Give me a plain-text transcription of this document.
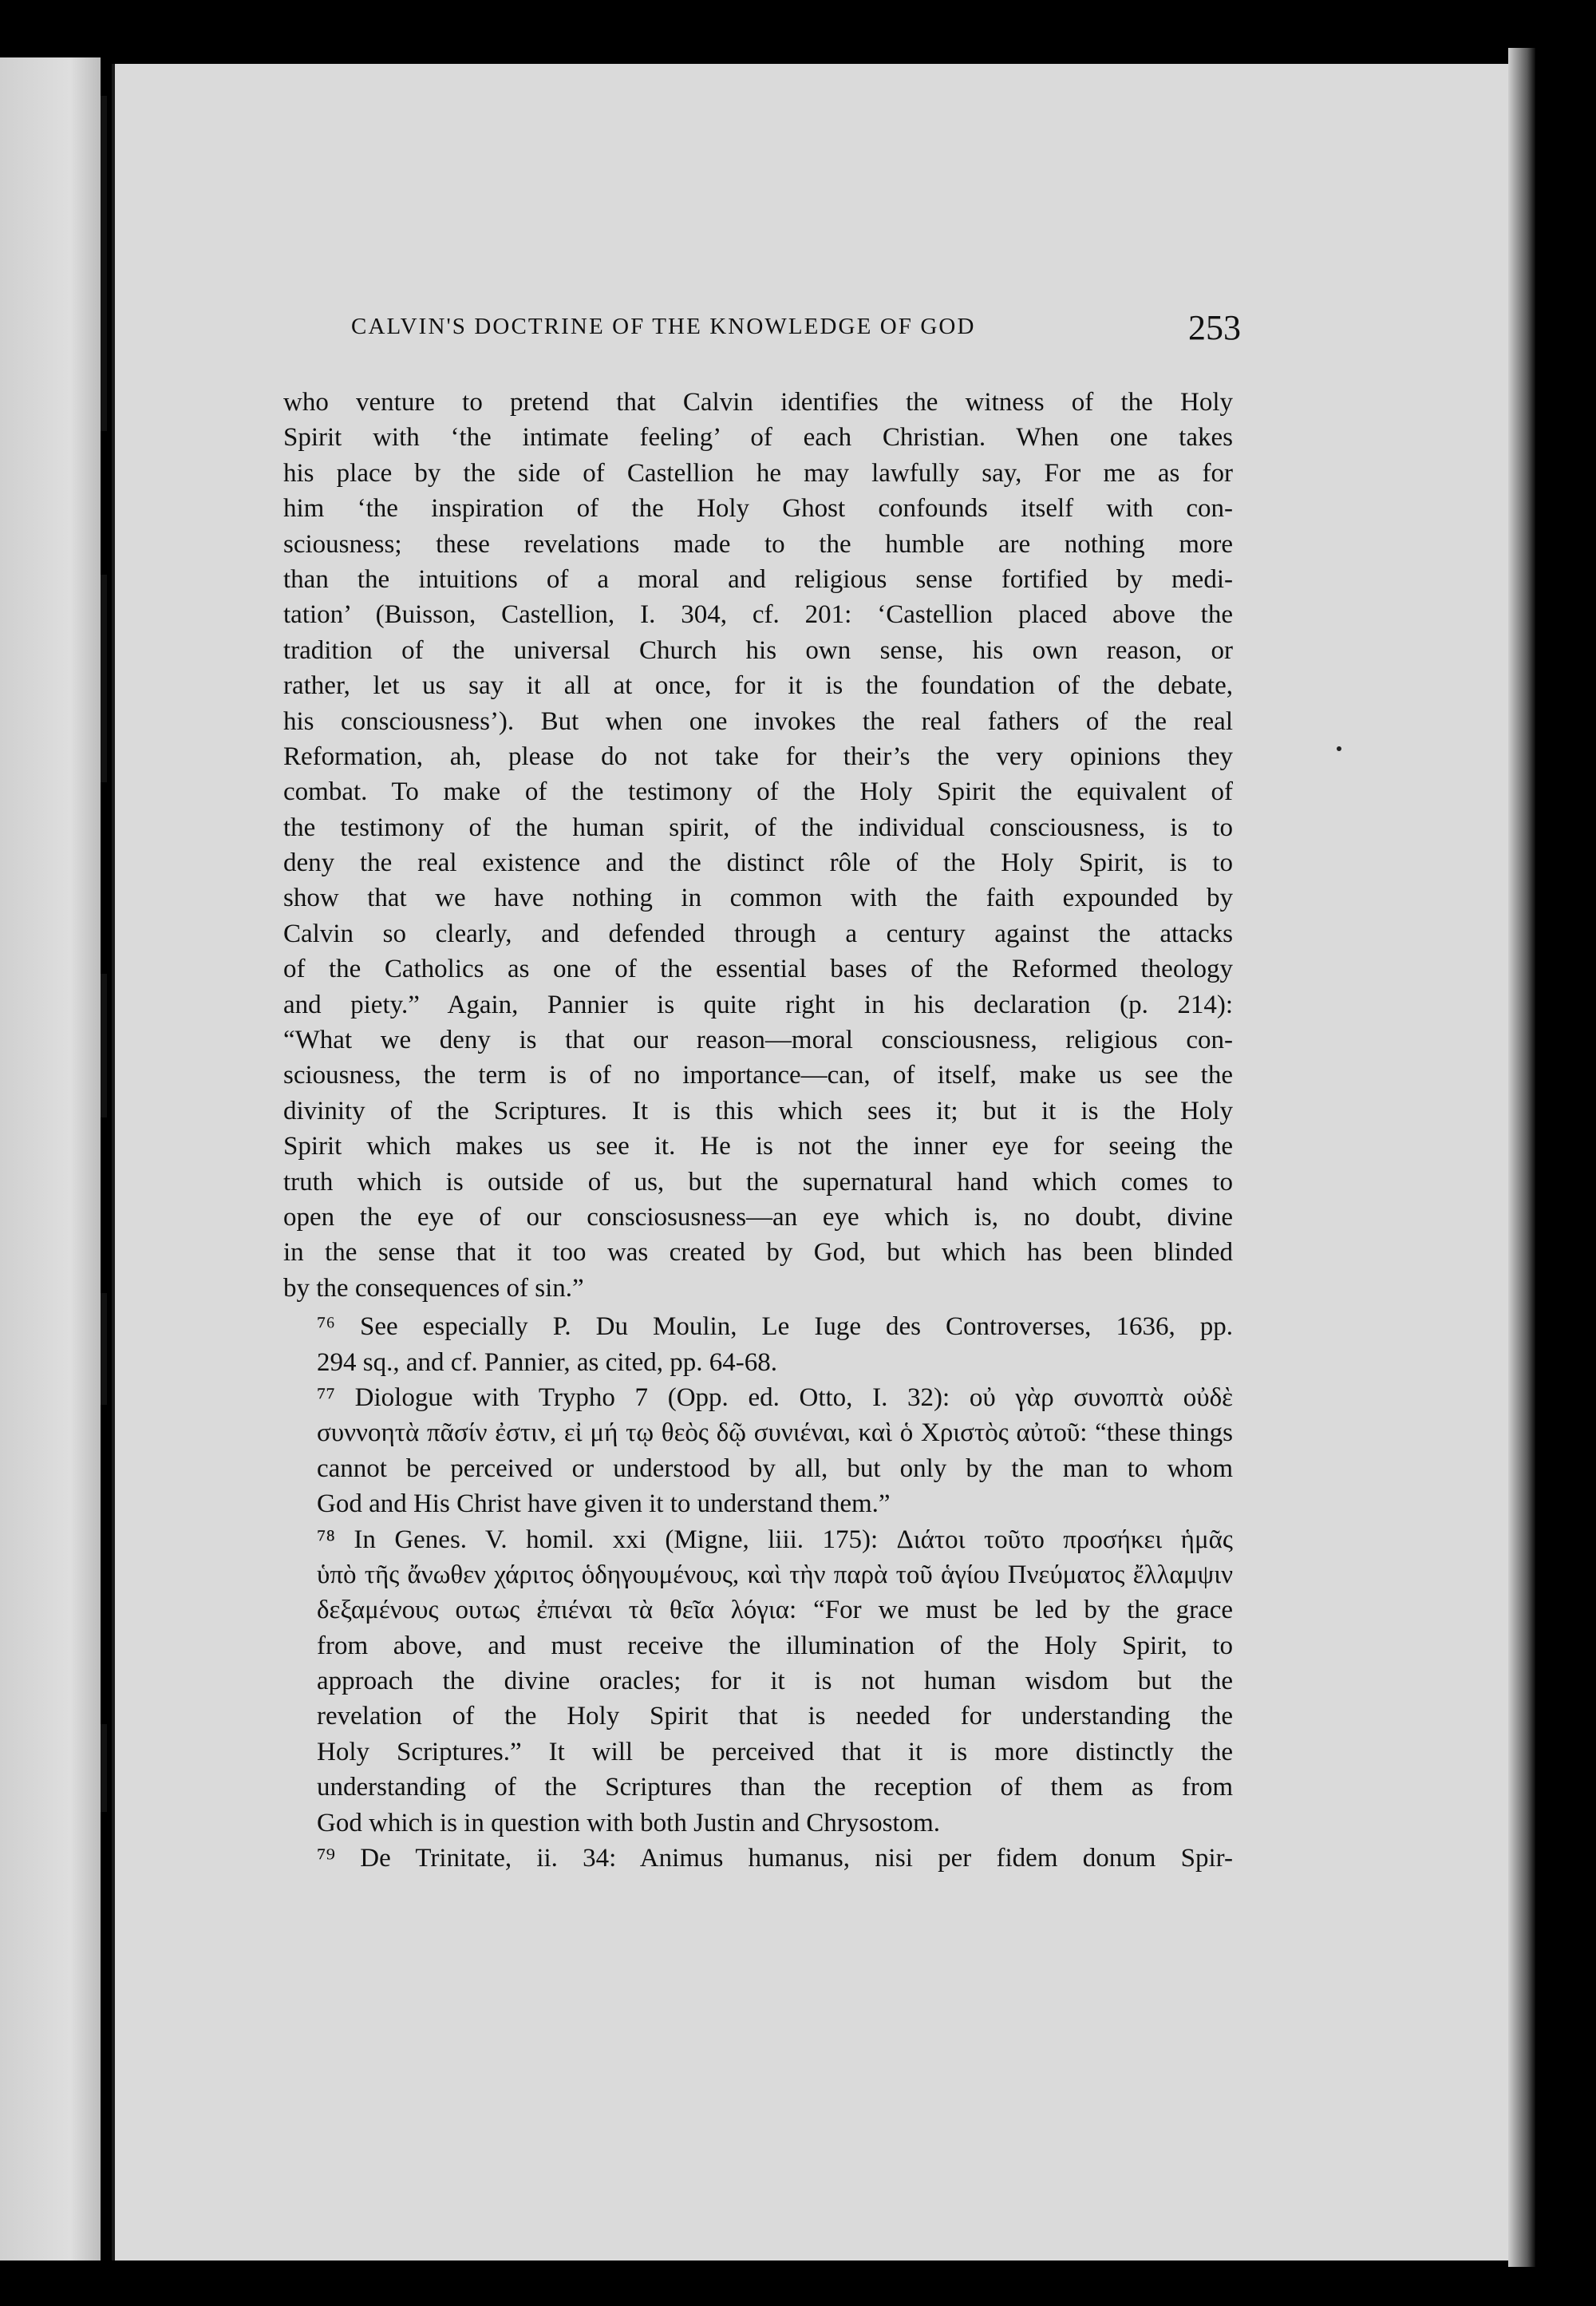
CALVIN'S DOCTRINE OF THE KNOWLEDGE OF GOD	253
who venture to pretend that Calvin identifies the witness of the Holy
Spirit with ‘the intimate feeling’ of each Christian. When one takes
his place by the side of Castellion he may lawfully say, For me as for
him ‘the inspiration of the Holy Ghost confounds itself with con-
sciousness; these revelations made to the humble are nothing more
than the intuitions of a moral and religious sense fortified by medi-
tation’ (Buisson, Castellion, I. 304, cf. 201: ‘Castellion placed above the
tradition of the universal Church his own sense, his own reason, or
rather, let us say it all at once, for it is the foundation of the debate,
his consciousness’). But when one invokes the real fathers of the real
Reformation, ah, please do not take for their’s the very opinions they
combat. To make of the testimony of the Holy Spirit the equivalent of
the testimony of the human spirit, of the individual consciousness, is to
deny the real existence and the distinct rôle of the Holy Spirit, is to
show that we have nothing in common with the faith expounded by
Calvin so clearly, and defended through a century against the attacks
of the Catholics as one of the essential bases of the Reformed theology
and piety.” Again, Pannier is quite right in his declaration (p. 214):
“What we deny is that our reason—moral consciousness, religious con-
sciousness, the term is of no importance—can, of itself, make us see the
divinity of the Scriptures. It is this which sees it; but it is the Holy
Spirit which makes us see it. He is not the inner eye for seeing the
truth which is outside of us, but the supernatural hand which comes to
open the eye of our consciosusness—an eye which is, no doubt, divine
in the sense that it too was created by God, but which has been blinded
by the consequences of sin.”
⁷⁶ See especially P. Du Moulin, Le Iuge des Controverses, 1636, pp.
294 sq., and cf. Pannier, as cited, pp. 64-68.
⁷⁷ Diologue with Trypho 7 (Opp. ed. Otto, I. 32): οὐ γὰρ συνοπτὰ οὐδὲ
συννοητὰ πᾶσίν ἐστιν, εἰ μή τῳ θεὸς δῷ συνιέναι, καὶ ὁ Χριστὸς αὐτοῦ: “these things
cannot be perceived or understood by all, but only by the man to whom
God and His Christ have given it to understand them.”
⁷⁸ In Genes. V. homil. xxi (Migne, liii. 175): Διάτοι τοῦτο προσήκει ἡμᾶς
ὑπὸ τῆς ἄνωθεν χάριτος ὁδηγουμένους, καὶ τὴν παρὰ τοῦ ἁγίου Πνεύματος ἔλλαμψιν
δεξαμένους ουτως ἐπιέναι τὰ θεῖα λόγια: “For we must be led by the grace
from above, and must receive the illumination of the Holy Spirit, to
approach the divine oracles; for it is not human wisdom but the
revelation of the Holy Spirit that is needed for understanding the
Holy Scriptures.” It will be perceived that it is more distinctly the
understanding of the Scriptures than the reception of them as from
God which is in question with both Justin and Chrysostom.
⁷⁹ De Trinitate, ii. 34: Animus humanus, nisi per fidem donum Spir-
